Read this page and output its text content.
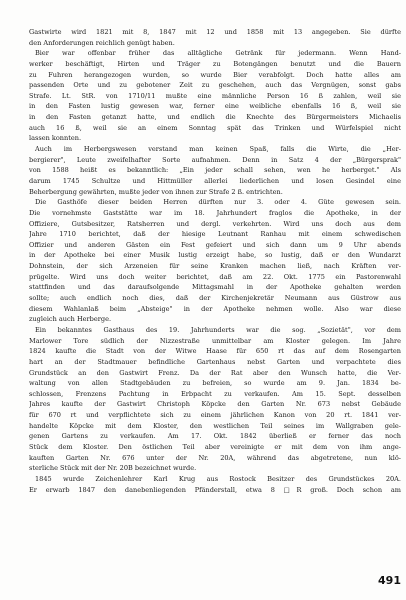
Gastwirte wird 1821 mit 8, 1847 mit 12 und 1858 mit 13 angegeben. Sie dürfte
den Anforderungen reichlich genügt haben.
Bier war offenbar früher das alltägliche Getränk für jedermann. Wenn Hand-
werker beschäftigt, Hirten und Träger zu Botengängen benutzt und die Bauern
zu Fuhren herangezogen wurden, so wurde Bier verabfolgt. Doch hatte alles am
passenden Orte und zu gebotener Zeit zu geschehen, auch das Vergnügen, sonst gabs
Strafe. Lt. StR. von 1710/11 mußte eine männliche Person 16 ß zahlen, weil sie
in den Fasten lustig gewesen war, ferner eine weibliche ebenfalls 16 ß, weil sie
in den Fasten getanzt hatte, und endlich die Knechte des Bürgermeisters Michaelis
auch 16 ß, weil sie an einem Sonntag spät das Trinken und Würfelspiel nicht
lassen konnten.
Auch im Herbergswesen verstand man keinen Spaß, falls die Wirte, die „Her-
bergierer", Leute zweifelhafter Sorte aufnahmen. Denn in Satz 4 der „Bürgersprak"
von 1588 heißt es bekanntlich: „Ein jeder schall sehen, wen he herberget." Als
darum 1745 Schultze und Hittmüller allerlei liederlichen und losen Gesindel eine
Beherbergung gewährten, mußte jeder von ihnen zur Strafe 2 ß. entrichten.
Die Gasthöfe dieser beiden Herren dürften nur 3. oder 4. Güte gewesen sein.
Die vornehmste Gaststätte war im 18. Jahrhundert fraglos die Apotheke, in der
Offiziere, Gutsbesitzer, Ratsherren und dergl. verkehrten. Wird uns doch aus dem
Jahre 1710 berichtet, daß der hiesige Leutnant Ranhau mit einem schwedischen
Offizier und anderen Gästen ein Fest gefeiert und sich dann um 9 Uhr abends
in der Apotheke bei einer Musik lustig erzeigt habe, so lustig, daß er den Wundarzt
Dohnstein, der sich Arzeneien für seine Kranken machen ließ, nach Kräften ver-
prügelte. Wird uns doch weiter berichtet, daß am 22. Okt. 1775 ein Pastorenwahl
stattfinden und das daraufsolgende Mittagsmahl in der Apotheke gehalten werden
sollte; auch endlich noch dies, daß der Kirchenjekretär Neumann aus Güstrow aus
diesem Wahlanlaß beim „Absteige" in der Apotheke nehmen wolle. Also war diese
zugleich auch Herberge.
Ein bekanntes Gasthaus des 19. Jahrhunderts war die sog. „Sozietät", vor dem
Marlower Tore südlich der Nizzestraße unmittelbar am Kloster gelegen. Im Jahre
1824 kaufte die Stadt von der Witwe Haase für 650 rt das auf dem Rosengarten
hart an der Stadtmauer befindliche Gartenhaus nebst Garten und verpachtete dies
Grundstück an den Gastwirt Frenz. Da der Rat aber den Wunsch hatte, die Ver-
waltung von allen Stadtgebäuden zu befreien, so wurde am 9. Jan. 1834 be-
schlossen, Frenzens Pachtung in Erbpacht zu verkaufen. Am 15. Sept. desselben
Jahres kaufte der Gastwirt Christoph Köpcke den Garten Nr. 673 nebst Gebäude
für 670 rt und verpflichtete sich zu einem jährlichen Kanon von 20 rt. 1841 ver-
handelte Köpcke mit dem Kloster, den westlichen Teil seines im Wallgraben gele-
genen Gartens zu verkaufen. Am 17. Okt. 1842 überließ er ferner das noch
Stück dem Kloster. Den östlichen Teil aber vereinigte er mit dem von ihm ange-
kauften Garten Nr. 676 unter der Nr. 20A, während das abgetretene, nun klö-
sterliche Stück mit der Nr. 20B bezeichnet wurde.
1845 wurde Zeichenlehrer Karl Krug aus Rostock Besitzer des Grundstückes 20A.
Er erwarb 1847 den danebenliegenden Pfänderstall, etwa 8 □R groß. Doch schon am
491
